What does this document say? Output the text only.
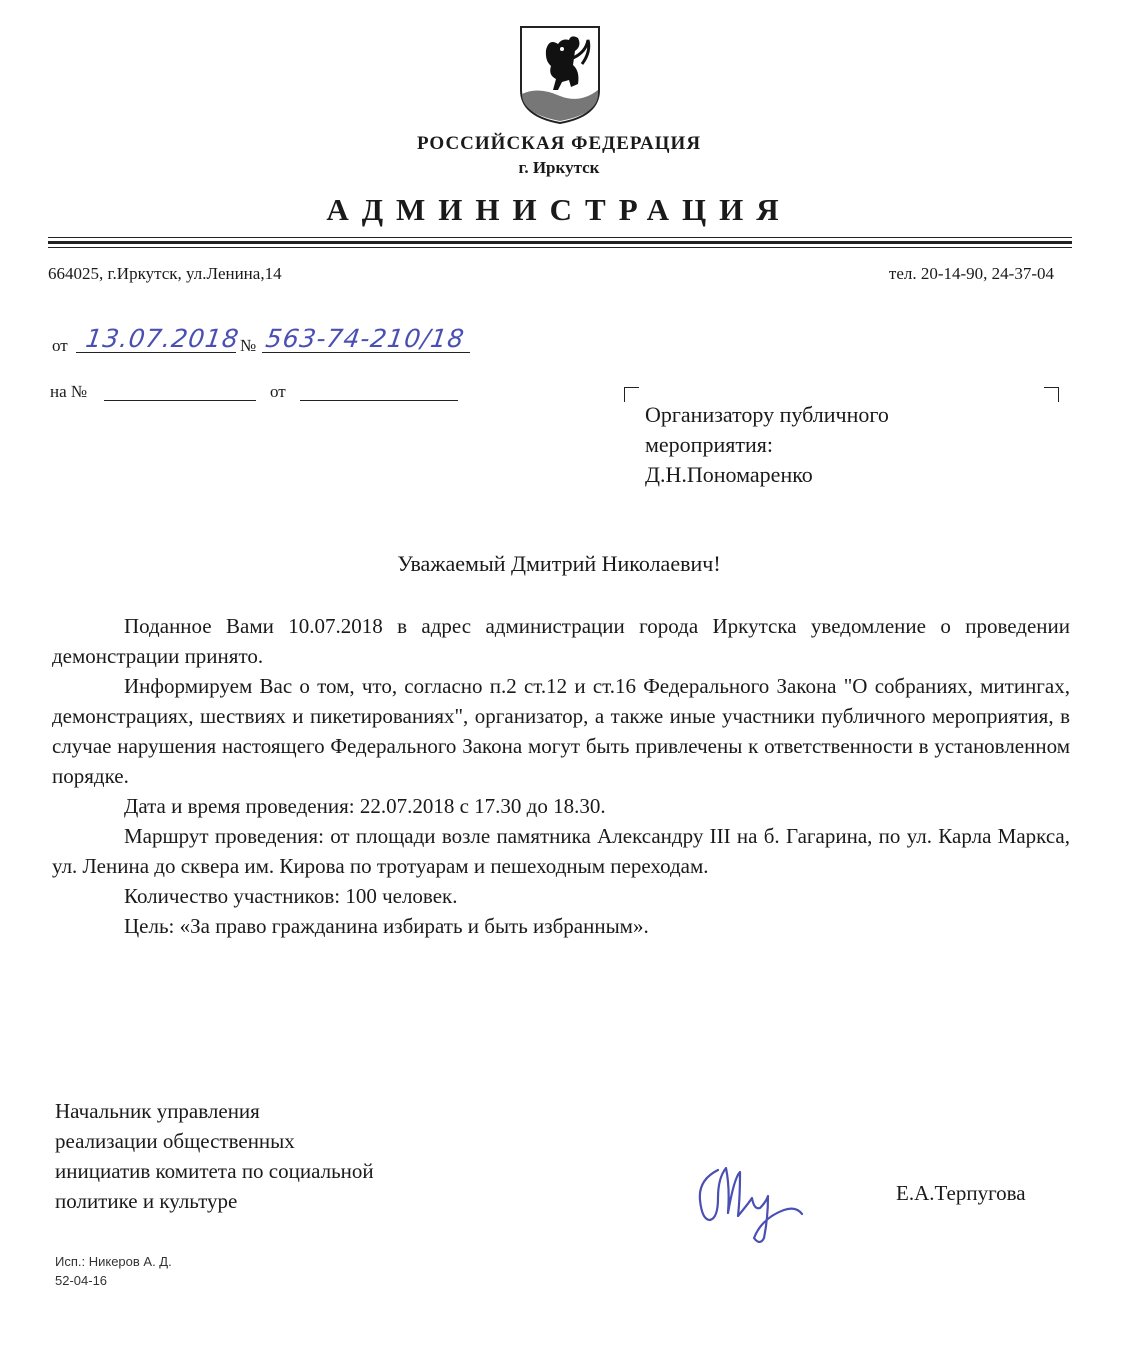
РОССИЙСКАЯ ФЕДЕРАЦИЯ
г. Иркутск
АДМИНИСТРАЦИЯ
664025, г.Иркутск, ул.Ленина,14	тел. 20-14-90, 24-37-04
от 13.07.2018
№ 563-74-210/18
на №	от
Организатору публичного
мероприятия:
Д.Н.Пономаренко
Уважаемый Дмитрий Николаевич!

Поданное Вами 10.07.2018 в адрес администрации города Иркутска уведомление о проведении демонстрации принято.

Информируем Вас о том, что, согласно п.2 ст.12 и ст.16 Федерального Закона "О собраниях, митингах, демонстрациях, шествиях и пикетированиях", организатор, а также иные участники публичного мероприятия, в случае нарушения настоящего Федерального Закона могут быть привлечены к ответственности в установленном порядке.

Дата и время проведения: 22.07.2018 с 17.30 до 18.30.

Маршрут проведения: от площади возле памятника Александру III на б. Гагарина, по ул. Карла Маркса, ул. Ленина до сквера им. Кирова по тротуарам и пешеходным переходам.

Количество участников: 100 человек.

Цель: «За право гражданина избирать и быть избранным».

Начальник управления
реализации общественных
инициатив комитета по социальной
политике и культуре	Е.А.Терпугова
Исп.: Никеров А. Д.
52-04-16
